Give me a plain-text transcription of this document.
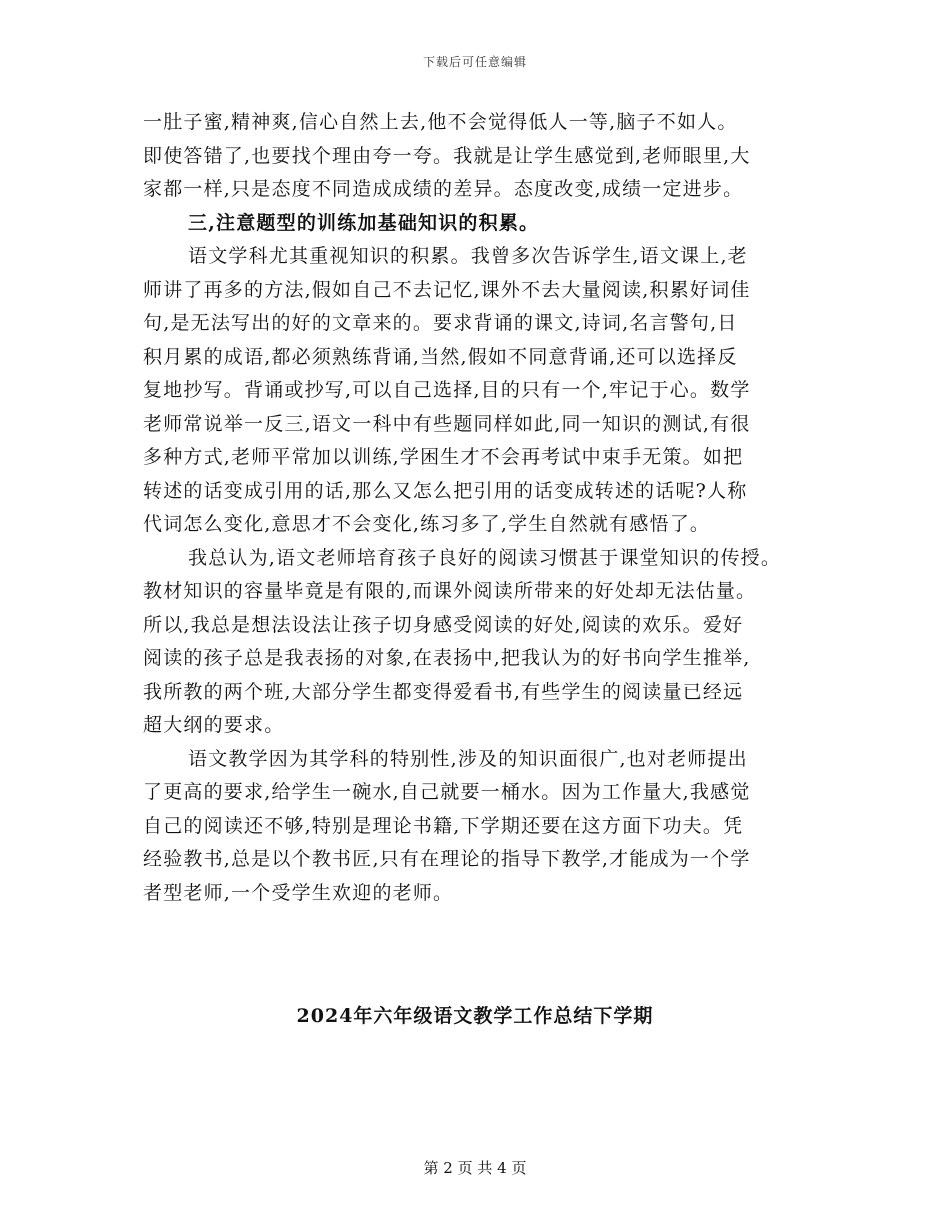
下载后可任意编辑
一肚子蜜,精神爽,信心自然上去,他不会觉得低人一等,脑子不如人。
即使答错了,也要找个理由夸一夸。我就是让学生感觉到,老师眼里,大
家都一样,只是态度不同造成成绩的差异。态度改变,成绩一定进步。
三,注意题型的训练加基础知识的积累。
语文学科尤其重视知识的积累。我曾多次告诉学生,语文课上,老
师讲了再多的方法,假如自己不去记忆,课外不去大量阅读,积累好词佳
句,是无法写出的好的文章来的。要求背诵的课文,诗词,名言警句,日
积月累的成语,都必须熟练背诵,当然,假如不同意背诵,还可以选择反
复地抄写。背诵或抄写,可以自己选择,目的只有一个,牢记于心。数学
老师常说举一反三,语文一科中有些题同样如此,同一知识的测试,有很
多种方式,老师平常加以训练,学困生才不会再考试中束手无策。如把
转述的话变成引用的话,那么又怎么把引用的话变成转述的话呢?人称
代词怎么变化,意思才不会变化,练习多了,学生自然就有感悟了。
我总认为,语文老师培育孩子良好的阅读习惯甚于课堂知识的传授。
教材知识的容量毕竟是有限的,而课外阅读所带来的好处却无法估量。
所以,我总是想法设法让孩子切身感受阅读的好处,阅读的欢乐。爱好
阅读的孩子总是我表扬的对象,在表扬中,把我认为的好书向学生推举,
我所教的两个班,大部分学生都变得爱看书,有些学生的阅读量已经远
超大纲的要求。
语文教学因为其学科的特别性,涉及的知识面很广,也对老师提出
了更高的要求,给学生一碗水,自己就要一桶水。因为工作量大,我感觉
自己的阅读还不够,特别是理论书籍,下学期还要在这方面下功夫。凭
经验教书,总是以个教书匠,只有在理论的指导下教学,才能成为一个学
者型老师,一个受学生欢迎的老师。
2024年六年级语文教学工作总结下学期
第 2 页 共 4 页
